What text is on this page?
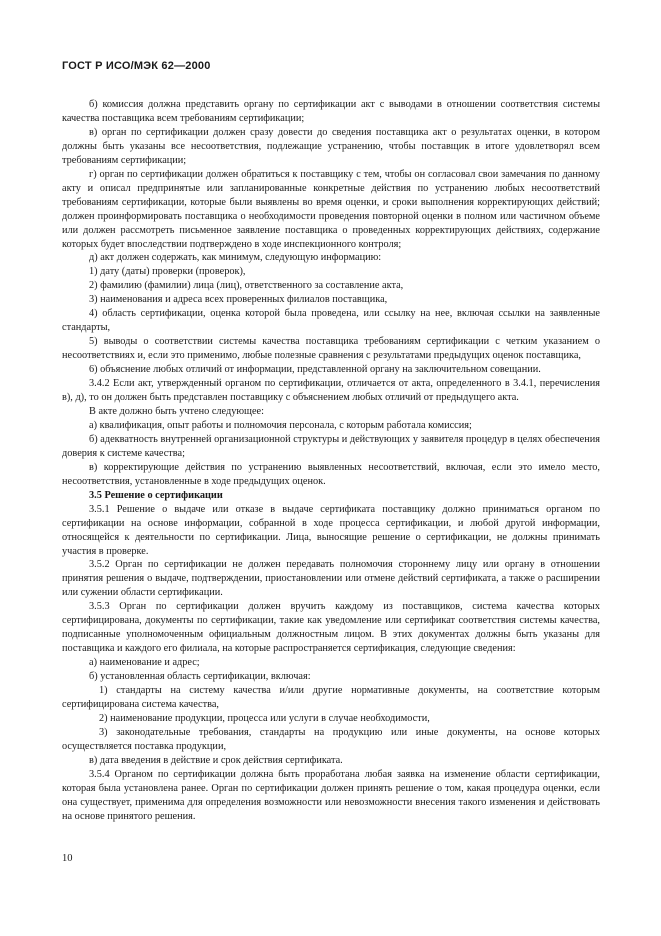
ГОСТ Р ИСО/МЭК 62—2000

б) комиссия должна представить органу по сертификации акт с выводами в отношении соответствия системы качества поставщика всем требованиям сертификации;

в) орган по сертификации должен сразу довести до сведения поставщика акт о результатах оценки, в котором должны быть указаны все несоответствия, подлежащие устранению, чтобы поставщик в итоге удовлетворял всем требованиям сертификации;

г) орган по сертификации должен обратиться к поставщику с тем, чтобы он согласовал свои замечания по данному акту и описал предпринятые или запланированные конкретные действия по устранению любых несоответствий требованиям сертификации, которые были выявлены во время оценки, и сроки выполнения корректирующих действий; должен проинформировать поставщика о необходимости проведения повторной оценки в полном или частичном объеме или должен рассмотреть письменное заявление поставщика о проведенных корректирующих действиях, содержание которых будет впоследствии подтверждено в ходе инспекционного контроля;

д) акт должен содержать, как минимум, следующую информацию:

1) дату (даты) проверки (проверок),

2) фамилию (фамилии) лица (лиц), ответственного за составление акта,

3) наименования и адреса всех проверенных филиалов поставщика,

4) область сертификации, оценка которой была проведена, или ссылку на нее, включая ссылки на заявленные стандарты,

5) выводы о соответствии системы качества поставщика требованиям сертификации с четким указанием о несоответствиях и, если это применимо, любые полезные сравнения с результатами предыдущих оценок поставщика,

6) объяснение любых отличий от информации, представленной органу на заключительном совещании.

3.4.2 Если акт, утвержденный органом по сертификации, отличается от акта, определенного в 3.4.1, перечисления в), д), то он должен быть представлен поставщику с объяснением любых отличий от предыдущего акта.

В акте должно быть учтено следующее:

а) квалификация, опыт работы и полномочия персонала, с которым работала комиссия;

б) адекватность внутренней организационной структуры и действующих у заявителя процедур в целях обеспечения доверия к системе качества;

в) корректирующие действия по устранению выявленных несоответствий, включая, если это имело место, несоответствия, установленные в ходе предыдущих оценок.

3.5 Решение о сертификации

3.5.1 Решение о выдаче или отказе в выдаче сертификата поставщику должно приниматься органом по сертификации на основе информации, собранной в ходе процесса сертификации, и любой другой информации, относящейся к деятельности по сертификации. Лица, выносящие решение о сертификации, не должны принимать участия в проверке.

3.5.2 Орган по сертификации не должен передавать полномочия стороннему лицу или органу в отношении принятия решения о выдаче, подтверждении, приостановлении или отмене действий сертификата, а также о расширении или сужении области сертификации.

3.5.3 Орган по сертификации должен вручить каждому из поставщиков, система качества которых сертифицирована, документы по сертификации, такие как уведомление или сертификат соответствия системы качества, подписанные уполномоченным официальным должностным лицом. В этих документах должны быть указаны для поставщика и каждого его филиала, на которые распространяется сертификация, следующие сведения:

а) наименование и адрес;

б) установленная область сертификации, включая:

1) стандарты на систему качества и/или другие нормативные документы, на соответствие которым сертифицирована система качества,

2) наименование продукции, процесса или услуги в случае необходимости,

3) законодательные требования, стандарты на продукцию или иные документы, на основе которых осуществляется поставка продукции,

в) дата введения в действие и срок действия сертификата.

3.5.4 Органом по сертификации должна быть проработана любая заявка на изменение области сертификации, которая была установлена ранее. Орган по сертификации должен принять решение о том, какая процедура оценки, если она существует, применима для определения возможности или невозможности внесения такого изменения и действовать на основе принятого решения.

10
